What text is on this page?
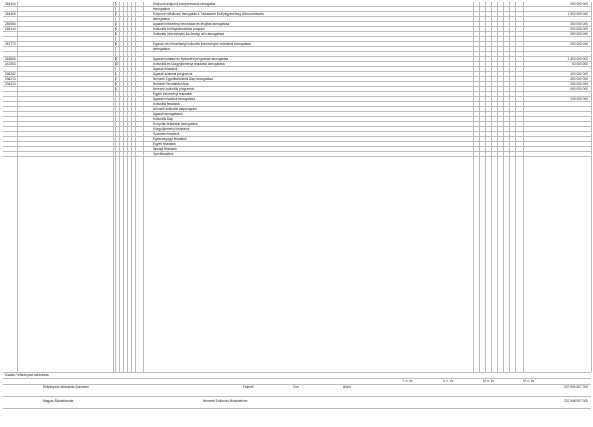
264304	1	Központi dolgozói kompenzációs támogatás	250 000 000
támogatása
264305	2	Központi vállalkozói támogatás a Társadalmi Esélyegyenlőség előmozdítására	1 500 000 000
támogatása
260566	3	Ágazati intézményi beruházás és felújítás támogatása	250 000 000
265144	4	Kulturális közfoglalkoztatási program	250 000 000
5	Kulturális intézmények közösségi célú támogatása	250 000 000
367773	6	Egyházi és nemzetiségi kulturális intézmények működési támogatása	250 000 000
támogatása
263806	8	Ágazati kutatási és fejlesztési programok támogatása	2 400 000 000
241963	37	Kulturális és közgyűjteményi feladatok támogatása	50 000 000
Ágazati feladatok
036262	1	Ágazati szakmai programok	400 000 000
036213	2	Nemzeti Együttműködési Alap támogatása	400 000 000
204213	3	Nemzeti Fenntartási Alap	250 000 000
4	Nemzeti kulturális programok	400 000 000
Egyéb intézményi feladatok
Ágazati feladatok támogatása	100 000 000
Kulturális feladatok
Nemzeti kulturális alapprogram
Ágazati támogatások
Kulturális Alap
Könyvtári feladatok támogatása
Közgyűjteményi feladatok
Szociális feladatok
Egészségügyi feladatok
Egyéb feladatok
Ifjúsági feladatok
Sportfeladatok
Kiadás / előirányzat-módosítás
Előirányzat-módosítás összesen	Fejezet	Cím	Alcím	237 540 507 000
Magyar Államkincstár	Nemzeti Erőforrás Minisztérium	237 548 507 000
I. n. év	II. n. év	III. n. év	IV. n. év
